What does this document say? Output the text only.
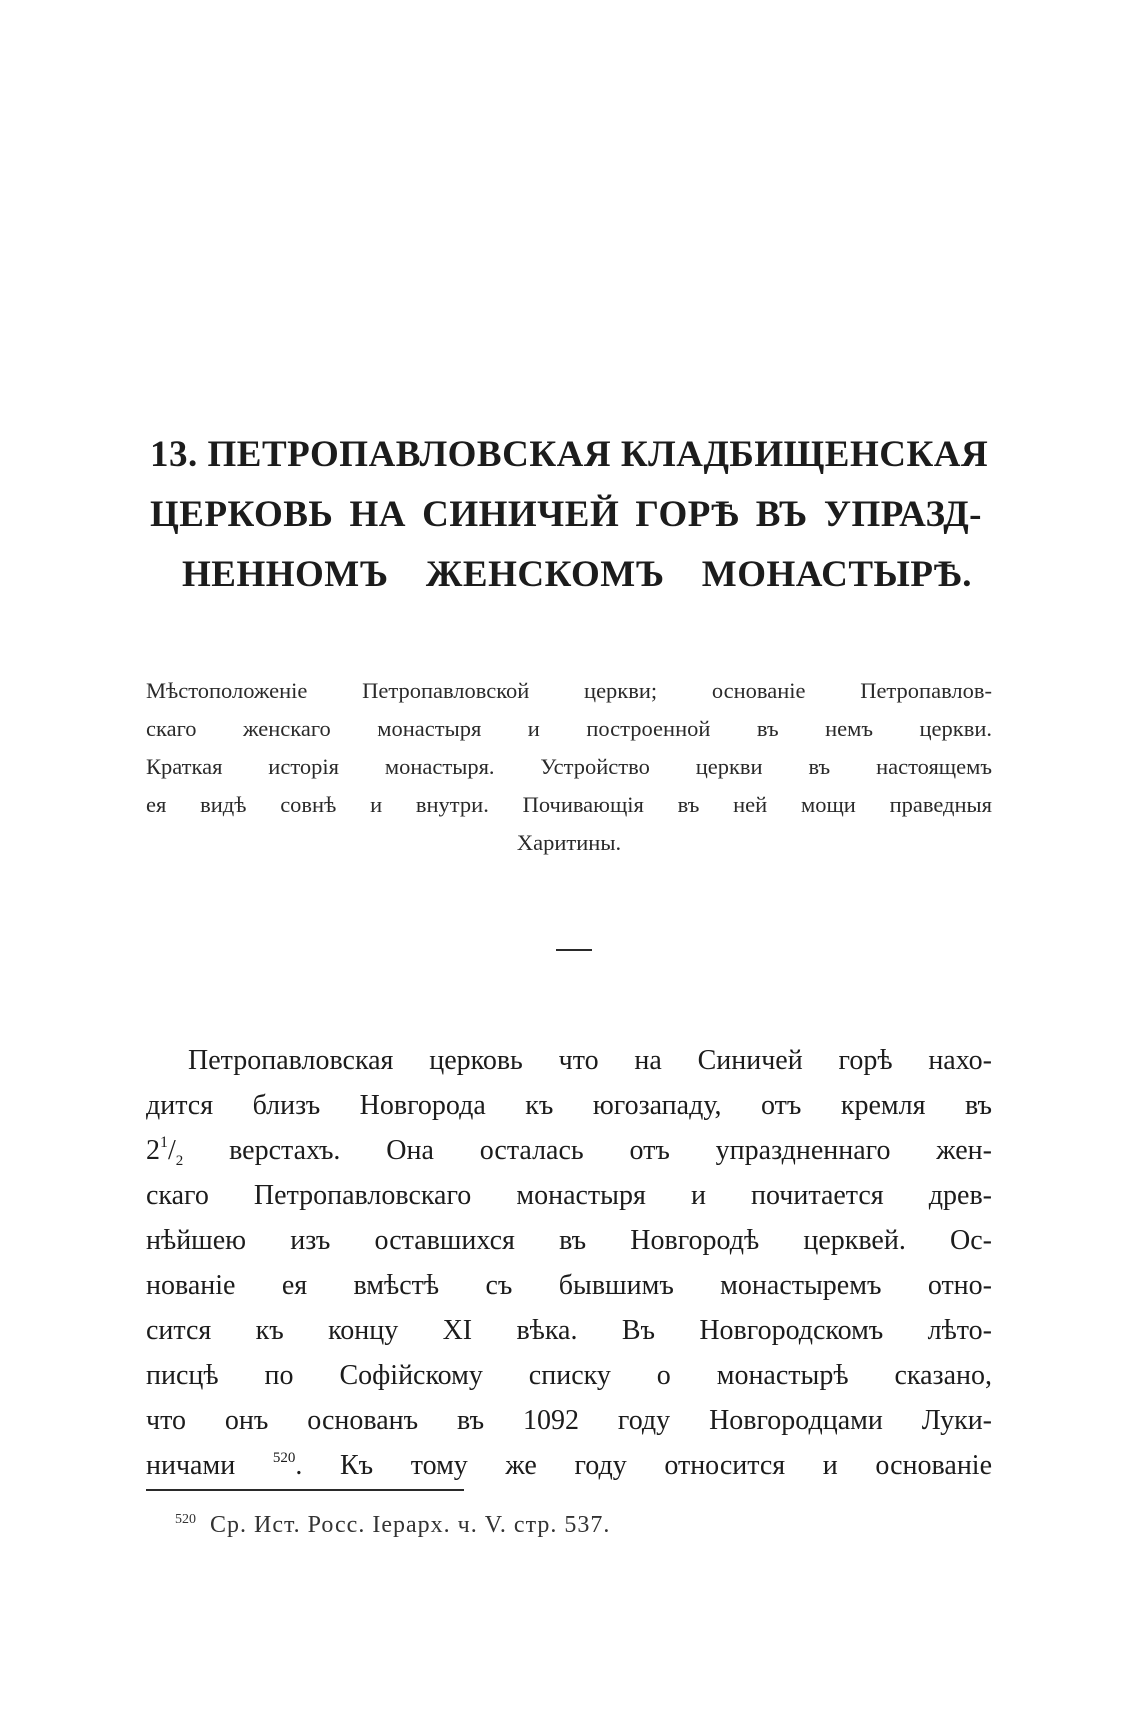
13. ПЕТРОПАВЛОВСКАЯ КЛАДБИЩЕНСКАЯ
ЦЕРКОВЬ НА СИНИЧЕЙ ГОРѢ ВЪ УПРАЗД-
НЕННОМЪ ЖЕНСКОМЪ МОНАСТЫРѢ.
Мѣстоположеніе Петропавловской церкви; основаніе Петропавлов-
скаго женскаго монастыря и построенной въ немъ церкви.
Краткая исторія монастыря. Устройство церкви въ настоящемъ
ея видѣ совнѣ и внутри. Почивающія въ ней мощи праведныя
Харитины.
Петропавловская церковь что на Синичей горѣ нахо-
дится близъ Новгорода къ югозападу, отъ кремля въ
$2^1/_2$ верстахъ. Она осталась отъ упраздненнаго жен-
скаго Петропавловскаго монастыря и почитается древ-
нѣйшею изъ оставшихся въ Новгородѣ церквей. Ос-
нованіе ея вмѣстѣ съ бывшимъ монастыремъ отно-
сится къ концу XI вѣка. Въ Новгородскомъ лѣто-
писцѣ по Софійскому списку о монастырѣ сказано,
что онъ основанъ въ 1092 году Новгородцами Луки-
ничами $^{520}$. Къ тому же году относится и основаніе
$^{520}$ Ср. Ист. Росс. Іерарх. ч. V. стр. 537.
